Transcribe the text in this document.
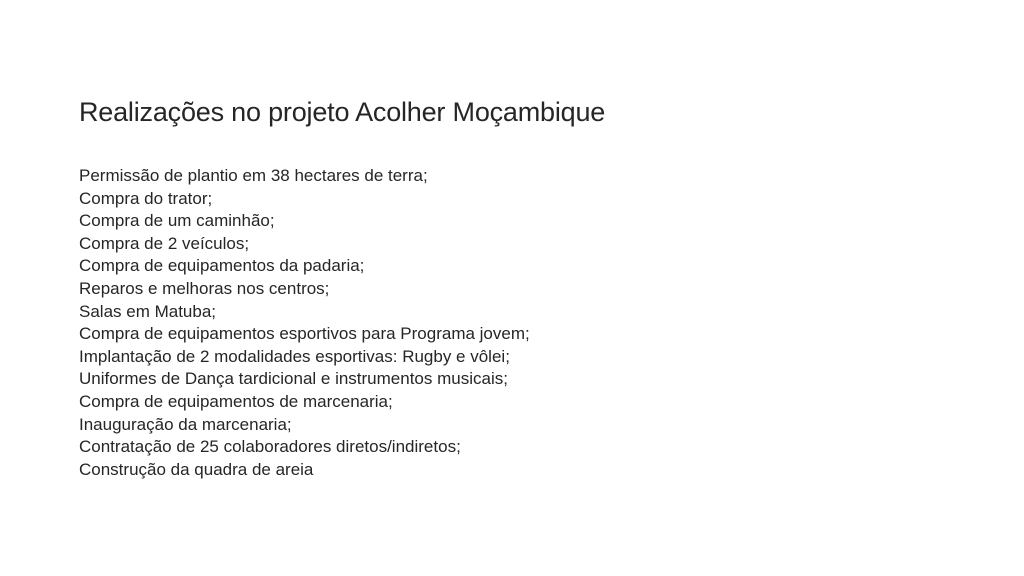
Realizações no projeto Acolher Moçambique
Permissão de plantio em 38 hectares de terra;
Compra do trator;
Compra de um caminhão;
Compra de 2 veículos;
Compra de equipamentos da padaria;
Reparos e melhoras nos centros;
Salas em Matuba;
Compra de equipamentos esportivos para Programa jovem;
Implantação de 2 modalidades esportivas: Rugby e vôlei;
Uniformes de Dança tardicional e instrumentos musicais;
Compra de equipamentos de marcenaria;
Inauguração da marcenaria;
Contratação de 25 colaboradores diretos/indiretos;
Construção da quadra de areia
